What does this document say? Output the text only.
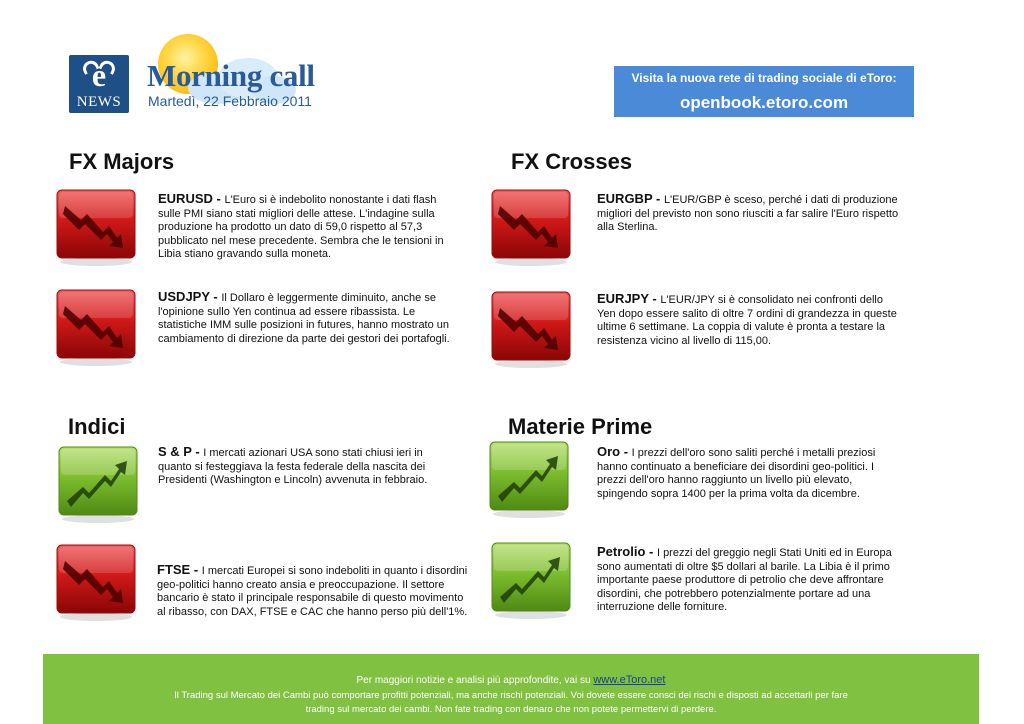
e
NEWS
Morning call
Martedì, 22 Febbraio 2011
Visita la nuova rete di trading sociale di eToro:
openbook.etoro.com
FX Majors	FX Crosses
Indici	Materie Prime
EURUSD - L'Euro si è indebolito nonostante i dati flash sulle PMI siano stati migliori delle attese. L'indagine sulla produzione ha prodotto un dato di 59,0 rispetto al 57,3 pubblicato nel mese precedente. Sembra che le tensioni in Libia stiano gravando sulla moneta.
USDJPY - Il Dollaro è leggermente diminuito, anche se l'opinione sullo Yen continua ad essere ribassista. Le statistiche IMM sulle posizioni in futures, hanno mostrato un cambiamento di direzione da parte dei gestori dei portafogli.
EURGBP - L'EUR/GBP è sceso, perché i dati di produzione migliori del previsto non sono riusciti a far salire l'Euro rispetto alla Sterlina.
EURJPY - L'EUR/JPY si è consolidato nei confronti dello Yen dopo essere salito di oltre 7 ordini di grandezza in queste ultime 6 settimane. La coppia di valute è pronta a testare la resistenza vicino al livello di 115,00.
S & P - I mercati azionari USA sono stati chiusi ieri in quanto si festeggiava la festa federale della nascita dei Presidenti (Washington e Lincoln) avvenuta in febbraio.
FTSE - I mercati Europei si sono indeboliti in quanto i disordini geo-politici hanno creato ansia e preoccupazione. Il settore bancario è stato il principale responsabile di questo movimento al ribasso, con DAX, FTSE e CAC che hanno perso più dell'1%.
Oro - I prezzi dell'oro sono saliti perché i metalli preziosi hanno continuato a beneficiare dei disordini geo-politici. I prezzi dell'oro hanno raggiunto un livello più elevato, spingendo sopra 1400 per la prima volta da dicembre.
Petrolio - I prezzi del greggio negli Stati Uniti ed in Europa sono aumentati di oltre $5 dollari al barile. La Libia è il primo importante paese produttore di petrolio che deve affrontare disordini, che potrebbero potenzialmente portare ad una interruzione delle forniture.
Per maggiori notizie e analisi più approfondite, vai su www.eToro.net
Il Trading sul Mercato dei Cambi può comportare profitti potenziali, ma anche rischi potenziali. Voi dovete essere consci dei rischi e disposti ad accettarli per fare trading sul mercato dei cambi. Non fate trading con denaro che non potete permettervi di perdere.
